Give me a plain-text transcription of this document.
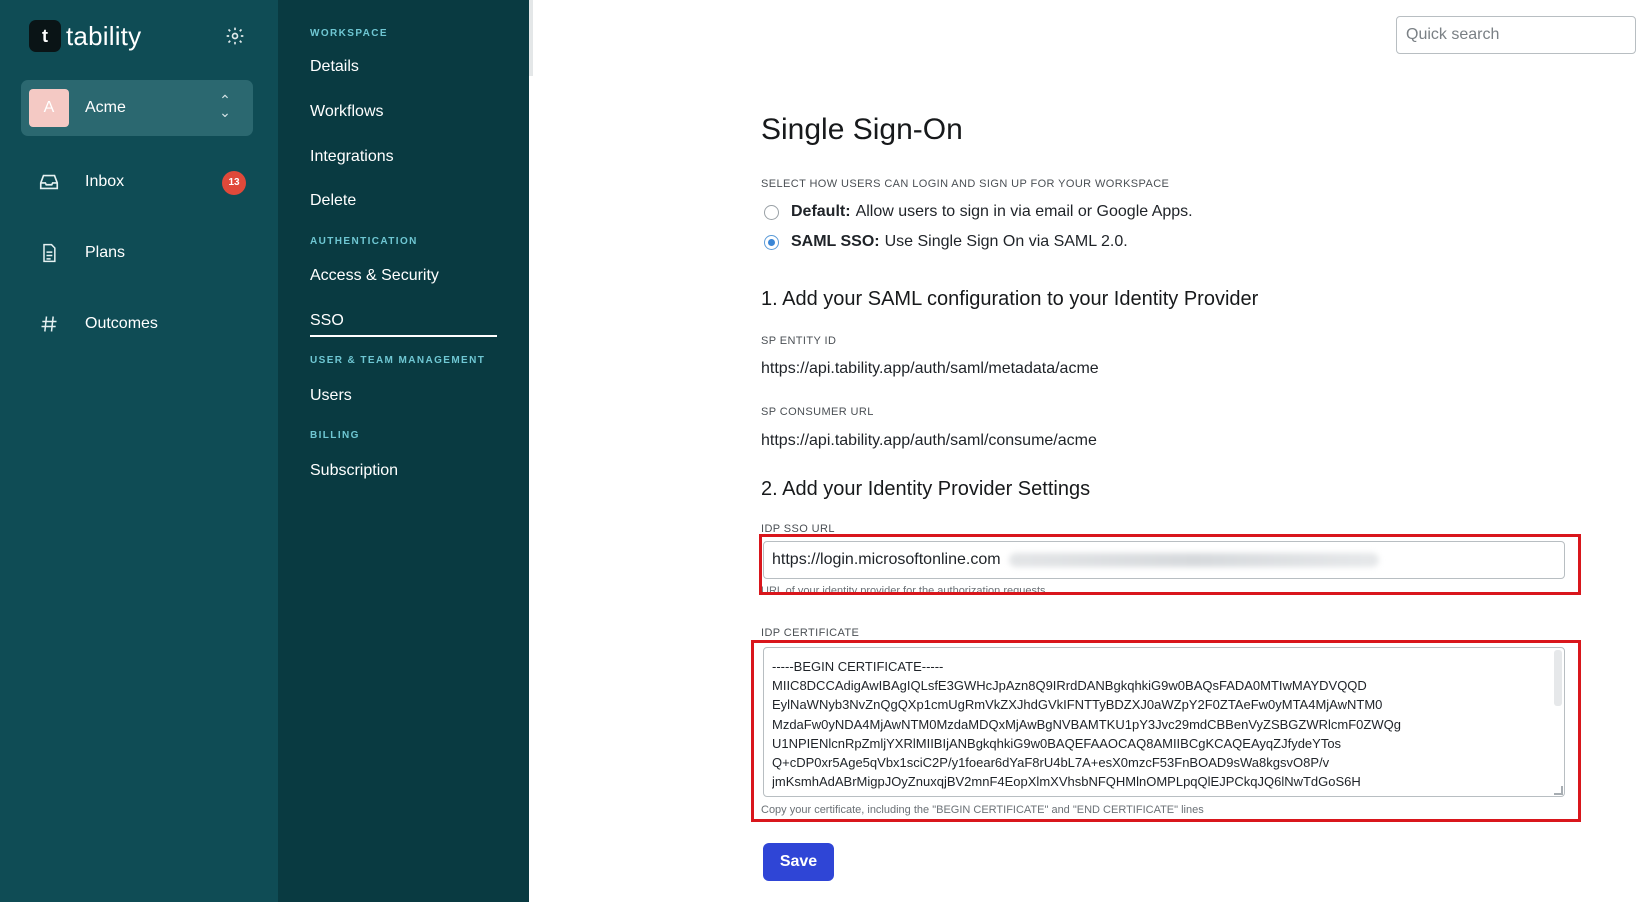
t tability
A	Acme	⌃
⌄
Inbox	13
Plans
Outcomes
WORKSPACE
Details
Workflows
Integrations
Delete
AUTHENTICATION
Access & Security
SSO
USER & TEAM MANAGEMENT
Users
BILLING
Subscription
Quick search
Single Sign-On
SELECT HOW USERS CAN LOGIN AND SIGN UP FOR YOUR WORKSPACE
Default: Allow users to sign in via email or Google Apps.
SAML SSO: Use Single Sign On via SAML 2.0.
1. Add your SAML configuration to your Identity Provider
SP ENTITY ID
https://api.tability.app/auth/saml/metadata/acme
SP CONSUMER URL
https://api.tability.app/auth/saml/consume/acme
2. Add your Identity Provider Settings
IDP SSO URL
https://login.microsoftonline.com
URL of your identity provider for the authorization requests
IDP CERTIFICATE
-----BEGIN CERTIFICATE-----
MIIC8DCCAdigAwIBAgIQLsfE3GWHcJpAzn8Q9IRrdDANBgkqhkiG9w0BAQsFADA0MTIwMAYDVQQD
EylNaWNyb3NvZnQgQXp1cmUgRmVkZXJhdGVkIFNTTyBDZXJ0aWZpY2F0ZTAeFw0yMTA4MjAwNTM0
MzdaFw0yNDA4MjAwNTM0MzdaMDQxMjAwBgNVBAMTKU1pY3Jvc29mdCBBenVyZSBGZWRlcmF0ZWQg
U1NPIENlcnRpZmljYXRlMIIBIjANBgkqhkiG9w0BAQEFAAOCAQ8AMIIBCgKCAQEAyqZJfydeYTos
Q+cDP0xr5Age5qVbx1sciC2P/y1foear6dYaF8rU4bL7A+esX0mzcF53FnBOAD9sWa8kgsvO8P/v
jmKsmhAdABrMigpJOyZnuxqjBV2mnF4EopXlmXVhsbNFQHMlnOMPLpqQlEJPCkqJQ6lNwTdGoS6H
Copy your certificate, including the "BEGIN CERTIFICATE" and "END CERTIFICATE" lines
Save
